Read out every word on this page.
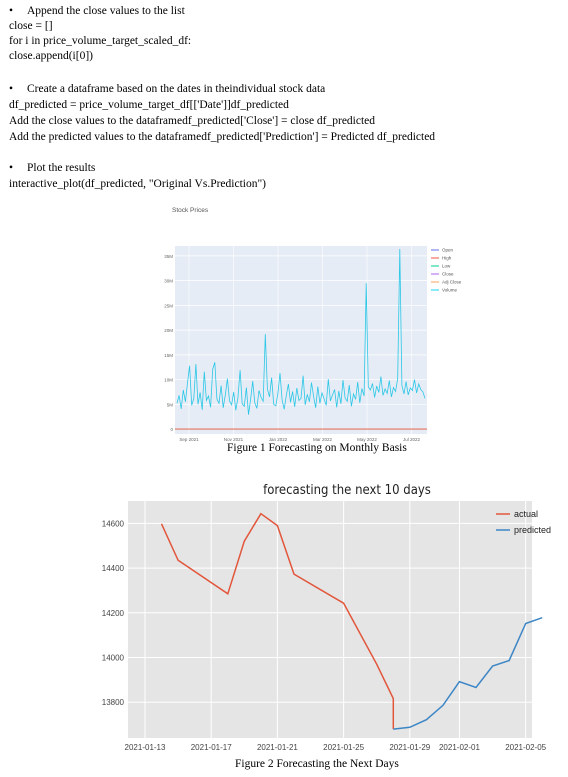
• Append the close values to the list
close = []
for i in price_volume_target_scaled_df:
close.append(i[0])
• Create a dataframe based on the dates in theindividual stock data
df_predicted = price_volume_target_df[['Date']]df_predicted
Add the close values to the dataframedf_predicted['Close'] = close df_predicted
Add the predicted values to the dataframedf_predicted['Prediction'] = Predicted df_predicted
• Plot the results
interactive_plot(df_predicted, "Original Vs.Prediction")
Stock Prices
0
5M
10M
15M
20M
25M
30M
35M
Sep 2021	Nov 2021	Jan 2022	Mar 2022	May 2022	Jul 2022
Open
High
Low
Close
Adj Close
Volume
Figure 1 Forecasting on Monthly Basis
forecasting the next 10 days
13800
14000
14200
14400
14600
2021-01-13	2021-01-17	2021-01-21	2021-01-25	2021-01-29 2021-02-01	2021-02-05
actual
predicted
Figure 2 Forecasting the Next Days
